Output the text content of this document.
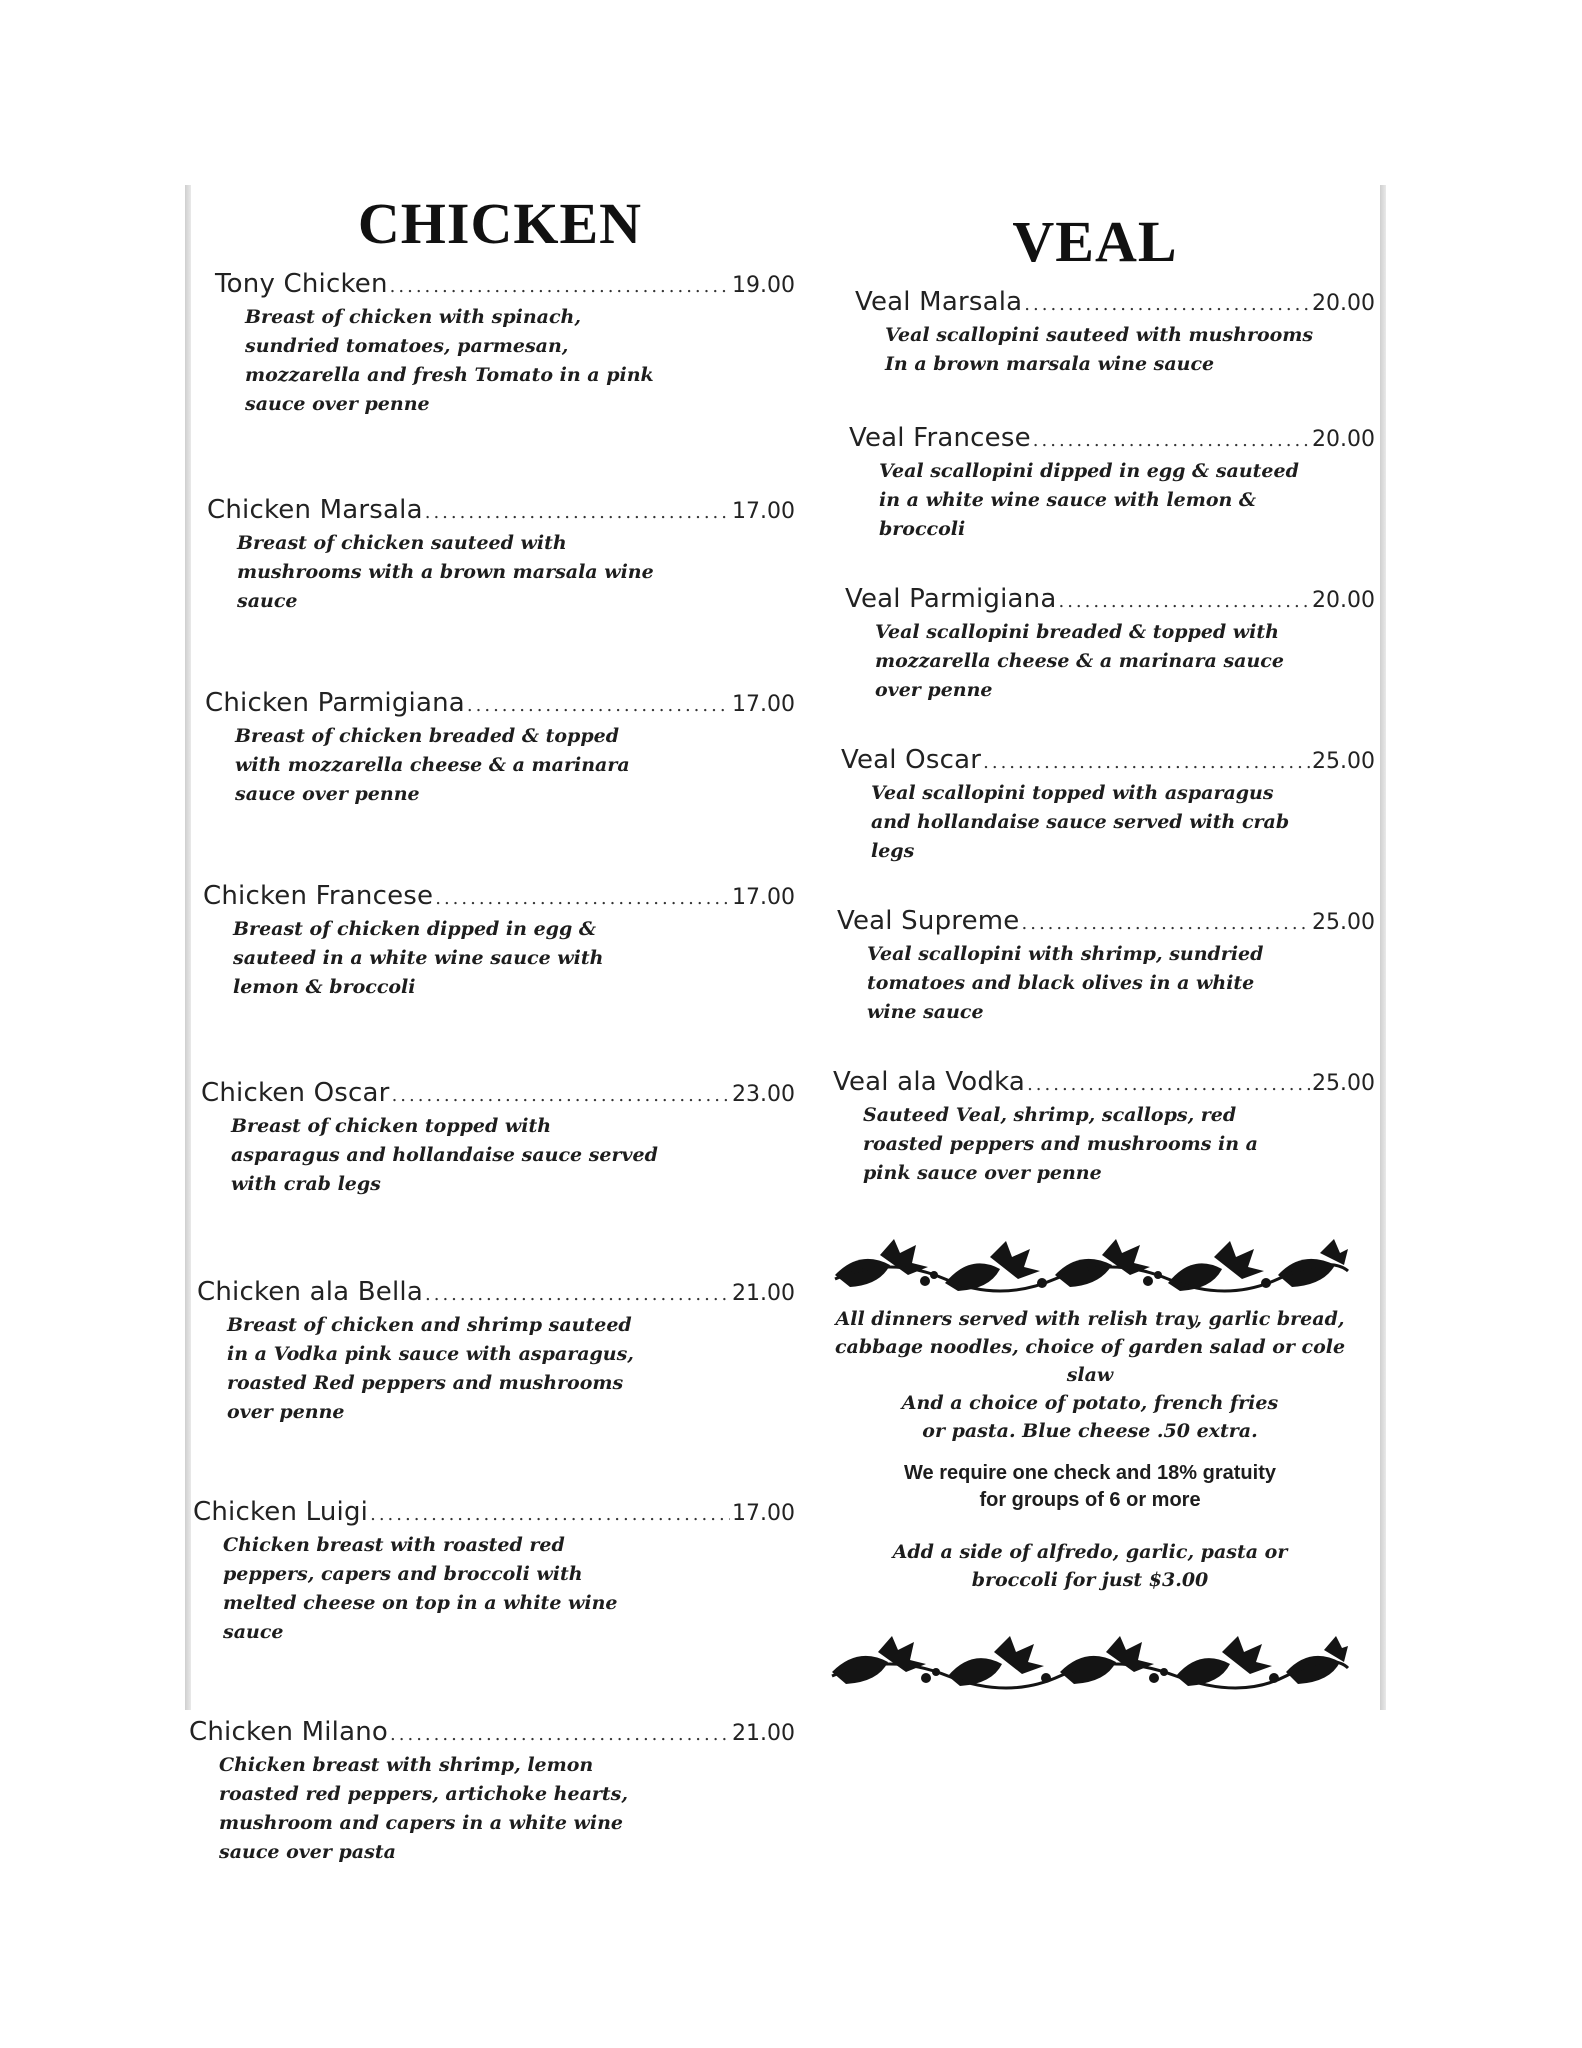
CHICKEN
Tony Chicken .....	19.00
Breast of chicken with spinach, sundried tomatoes, parmesan, mozzarella and fresh Tomato in a pink sauce over penne
Chicken Marsala .....	17.00
Breast of chicken sauteed with mushrooms with a brown marsala wine sauce
Chicken Parmigiana .....	17.00
Breast of chicken breaded & topped with mozzarella cheese & a marinara sauce over penne
Chicken Francese .....	17.00
Breast of chicken dipped in egg & sauteed in a white wine sauce with lemon & broccoli
Chicken Oscar .....	23.00
Breast of chicken topped with asparagus and hollandaise sauce served with crab legs
Chicken ala Bella .....	21.00
Breast of chicken and shrimp sauteed in a Vodka pink sauce with asparagus, roasted Red peppers and mushrooms over penne
Chicken Luigi .....	17.00
Chicken breast with roasted red peppers, capers and broccoli with melted cheese on top in a white wine sauce
Chicken Milano .....	21.00
Chicken breast with shrimp, lemon roasted red peppers, artichoke hearts, mushroom and capers in a white wine sauce over pasta
VEAL
Veal Marsala .....	20.00
Veal scallopini sauteed with mushrooms In a brown marsala wine sauce
Veal Francese .....	20.00
Veal scallopini dipped in egg & sauteed in a white wine sauce with lemon & broccoli
Veal Parmigiana .....	20.00
Veal scallopini breaded & topped with mozzarella cheese & a marinara sauce over penne
Veal Oscar .....	25.00
Veal scallopini topped with asparagus and hollandaise sauce served with crab legs
Veal Supreme .....	25.00
Veal scallopini with shrimp, sundried tomatoes and black olives in a white wine sauce
Veal ala Vodka .....	25.00
Sauteed Veal, shrimp, scallops, red roasted peppers and mushrooms in a pink sauce over penne
All dinners served with relish tray, garlic bread,
cabbage noodles, choice of garden salad or cole slaw
And a choice of potato, french fries
or pasta. Blue cheese .50 extra.
We require one check and 18% gratuity
for groups of 6 or more
Add a side of alfredo, garlic, pasta or
broccoli for just $3.00
